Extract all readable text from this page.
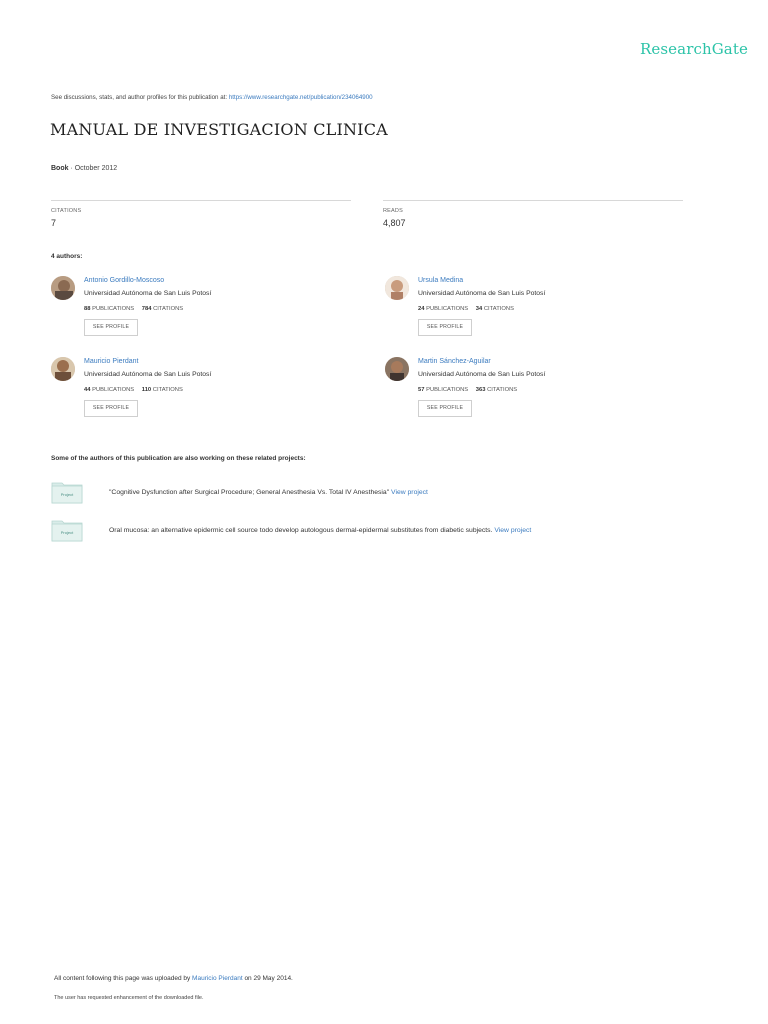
ResearchGate
See discussions, stats, and author profiles for this publication at: https://www.researchgate.net/publication/234064900
MANUAL DE INVESTIGACION CLINICA
Book · October 2012
CITATIONS
7
READS
4,807
4 authors:
Antonio Gordillo-Moscoso
Universidad Autónoma de San Luis Potosí
88 PUBLICATIONS 784 CITATIONS
SEE PROFILE
Ursula Medina
Universidad Autónoma de San Luis Potosí
24 PUBLICATIONS 34 CITATIONS
SEE PROFILE
Mauricio Pierdant
Universidad Autónoma de San Luis Potosí
44 PUBLICATIONS 110 CITATIONS
SEE PROFILE
Martin Sánchez-Aguilar
Universidad Autónoma de San Luis Potosí
57 PUBLICATIONS 363 CITATIONS
SEE PROFILE
Some of the authors of this publication are also working on these related projects:
Project	"Cognitive Dysfunction after Surgical Procedure; General Anesthesia Vs. Total IV Anesthesia" View project
Project	Oral mucosa: an alternative epidermic cell source todo develop autologous dermal-epidermal substitutes from diabetic subjects. View project
All content following this page was uploaded by Mauricio Pierdant on 29 May 2014.
The user has requested enhancement of the downloaded file.
